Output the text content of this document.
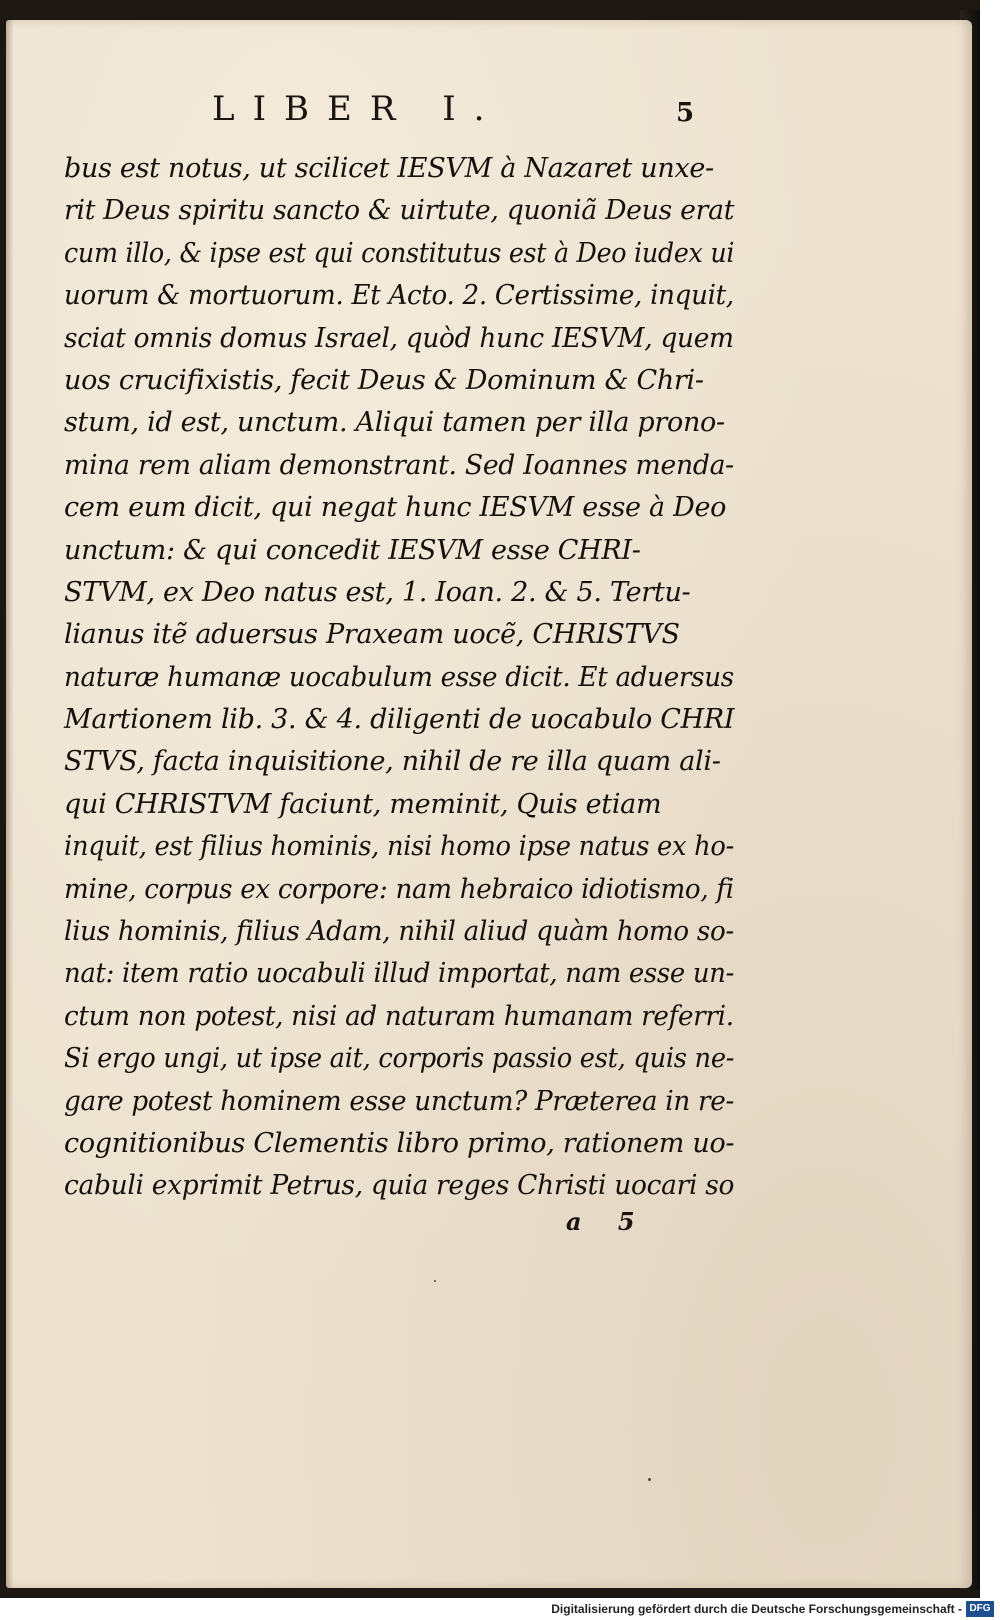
LIBER I.	5
bus est notus, ut scilicet IESVM à Nazaret unxe-
rit Deus spiritu sancto & uirtute, quoniã Deus erat
cum illo, & ipse est qui constitutus est à Deo iudex ui
uorum & mortuorum. Et Acto. 2. Certissime, inquit,
sciat omnis domus Israel, quòd hunc IESVM, quem
uos crucifixistis, fecit Deus & Dominum & Chri-
stum, id est, unctum. Aliqui tamen per illa prono-
mina rem aliam demonstrant. Sed Ioannes menda-
cem eum dicit, qui negat hunc IESVM esse à Deo
unctum: & qui concedit IESVM esse CHRI-
STVM, ex Deo natus est, 1. Ioan. 2. & 5. Tertu-
lianus itẽ aduersus Praxeam uocẽ, CHRISTVS
naturæ humanæ uocabulum esse dicit. Et aduersus
Martionem lib. 3. & 4. diligenti de uocabulo CHRI
STVS, facta inquisitione, nihil de re illa quam ali-
qui CHRISTVM faciunt, meminit, Quis etiam
inquit, est filius hominis, nisi homo ipse natus ex ho-
mine, corpus ex corpore: nam hebraico idiotismo, fi
lius hominis, filius Adam, nihil aliud quàm homo so-
nat: item ratio uocabuli illud importat, nam esse un-
ctum non potest, nisi ad naturam humanam referri.
Si ergo ungi, ut ipse ait, corporis passio est, quis ne-
gare potest hominem esse unctum? Præterea in re-
cognitionibus Clementis libro primo, rationem uo-
cabuli exprimit Petrus, quia reges Christi uocari so
a 5
Digitalisierung gefördert durch die Deutsche Forschungsgemeinschaft - DFG
